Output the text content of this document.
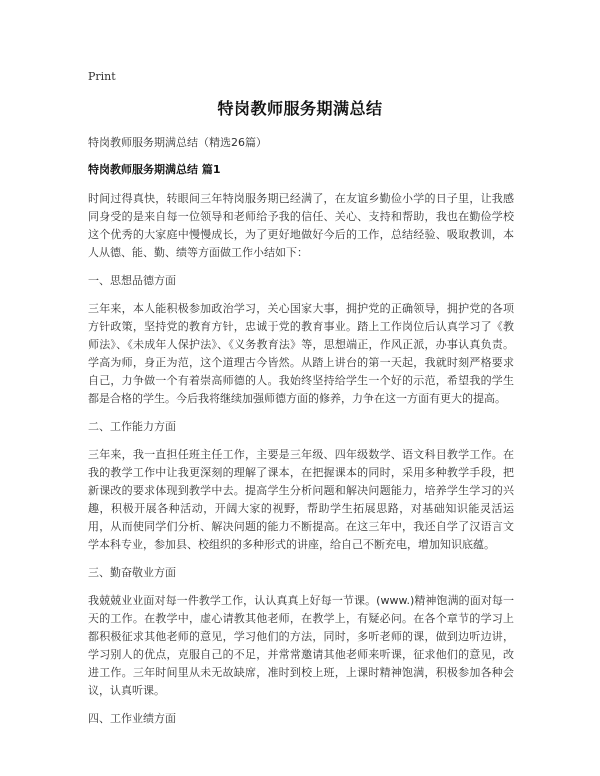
Print
特岗教师服务期满总结
特岗教师服务期满总结（精选26篇）
特岗教师服务期满总结 篇1
时间过得真快，转眼间三年特岗服务期已经满了，在友谊乡勤俭小学的日子里，让我感同身受的是来自每一位领导和老师给予我的信任、关心、支持和帮助，我也在勤俭学校这个优秀的大家庭中慢慢成长，为了更好地做好今后的工作，总结经验、吸取教训，本人从德、能、勤、绩等方面做工作小结如下：
一、思想品德方面
三年来，本人能积极参加政治学习，关心国家大事，拥护党的正确领导，拥护党的各项方针政策，坚持党的教育方针，忠诚于党的教育事业。踏上工作岗位后认真学习了《教师法》、《未成年人保护法》、《义务教育法》等，思想端正，作风正派，办事认真负责。学高为师，身正为范，这个道理古今皆然。从踏上讲台的第一天起，我就时刻严格要求自己，力争做一个有着崇高师德的人。我始终坚持给学生一个好的示范，希望我的学生都是合格的学生。今后我将继续加强师德方面的修养，力争在这一方面有更大的提高。
二、工作能力方面
三年来，我一直担任班主任工作，主要是三年级、四年级数学、语文科目教学工作。在我的教学工作中让我更深刻的理解了课本，在把握课本的同时，采用多种教学手段，把新课改的要求体现到教学中去。提高学生分析问题和解决问题能力，培养学生学习的兴趣，积极开展各种活动，开阔大家的视野，帮助学生拓展思路，对基础知识能灵活运用，从而使同学们分析、解决问题的能力不断提高。在这三年中，我还自学了汉语言文学本科专业，参加县、校组织的多种形式的讲座，给自己不断充电，增加知识底蕴。
三、勤奋敬业方面
我兢兢业业面对每一件教学工作，认认真真上好每一节课。(www.)精神饱满的面对每一天的工作。在教学中，虚心请教其他老师，在教学上，有疑必问。在各个章节的学习上都积极征求其他老师的意见，学习他们的方法，同时，多听老师的课，做到边听边讲，学习别人的优点，克服自己的不足，并常常邀请其他老师来听课，征求他们的意见，改进工作。三年时间里从未无故缺席，准时到校上班，上课时精神饱满，积极参加各种会议，认真听课。
四、工作业绩方面
